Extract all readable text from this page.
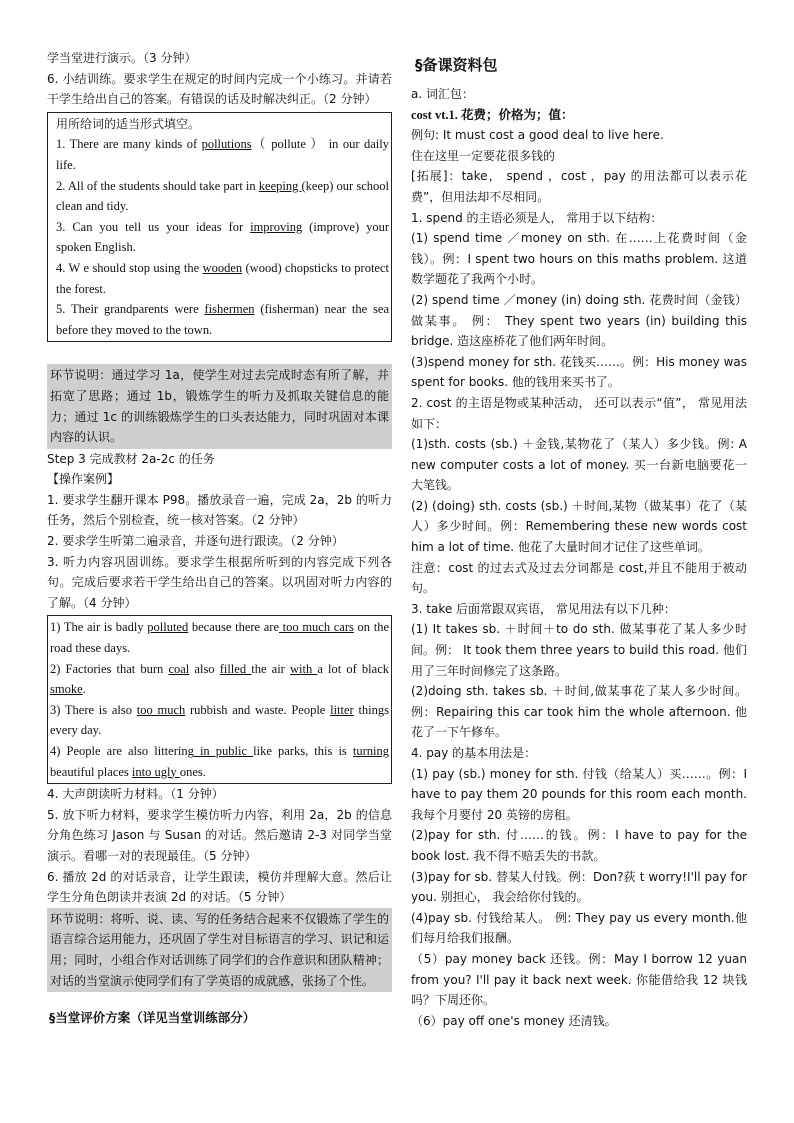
学当堂进行演示。（3 分钟）

6. 小结训练。要求学生在规定的时间内完成一个小练习。并请若干学生给出自己的答案。有错误的话及时解决纠正。（2 分钟）

用所给词的适当形式填空。

1. There are many kinds of pollutions（ pollute ） in our daily life.

2. All of the students should take part in keeping (keep) our school clean and tidy.

3. Can you tell us your ideas for improving (improve) your spoken English.

4. W e should stop using the wooden (wood) chopsticks to protect the forest.

5. Their grandparents were fishermen (fisherman) near the sea before they moved to the town.

环节说明：通过学习 1a，使学生对过去完成时态有所了解，并拓宽了思路；通过 1b，锻炼学生的听力及抓取关键信息的能力；通过 1c 的训练锻炼学生的口头表达能力，同时巩固对本课内容的认识。

Step 3 完成教材 2a-2c 的任务

【操作案例】

1. 要求学生翻开课本 P98。播放录音一遍，完成 2a，2b 的听力任务，然后个别检查，统一核对答案。（2 分钟）

2. 要求学生听第二遍录音，并逐句进行跟读。（2 分钟）

3. 听力内容巩固训练。要求学生根据所听到的内容完成下列各句。完成后要求若干学生给出自己的答案。以巩固对听力内容的了解。（4 分钟）

1) The air is badly polluted because there are too much cars on the road these days.

2) Factories that burn coal also filled the air with a lot of black smoke.

3) There is also too much rubbish and waste. People litter things every day.

4) People are also littering in public like parks, this is turning beautiful places into ugly ones.

4. 大声朗读听力材料。（1 分钟）

5. 放下听力材料，要求学生模仿听力内容，利用 2a，2b 的信息分角色练习 Jason 与 Susan 的对话。然后邀请 2-3 对同学当堂演示。看哪一对的表现最佳。（5 分钟）

6. 播放 2d 的对话录音，让学生跟读，模仿并理解大意。然后让学生分角色朗读并表演 2d 的对话。（5 分钟）

环节说明：将听、说、读、写的任务结合起来不仅锻炼了学生的语言综合运用能力，还巩固了学生对目标语言的学习、识记和运用；同时，小组合作对话训练了同学们的合作意识和团队精神；对话的当堂演示使同学们有了学英语的成就感，张扬了个性。

§当堂评价方案（详见当堂训练部分）

§备课资料包

a. 词汇包：

cost vt.1. 花费；价格为；值：

例句: It must cost a good deal to live here.

住在这里一定要花很多钱的

[拓展]：take， spend ，cost ，pay 的用法都可以表示花费”，但用法却不尽相同。

1. spend 的主语必须是人， 常用于以下结构：

(1) spend time ／money on sth. 在……上花费时间（金钱）。例：I spent two hours on this maths problem. 这道数学题花了我两个小时。

(2) spend time ／money (in) doing sth. 花费时间（金钱）做某事。 例： They spent two years (in) building this bridge. 造这座桥花了他们两年时间。

(3)spend money for sth. 花钱买……。例：His money was spent for books. 他的钱用来买书了。

2. cost 的主语是物或某种活动， 还可以表示“值”， 常见用法如下：

(1)sth. costs (sb.) ＋金钱,某物花了（某人）多少钱。例: A new computer costs a lot of money. 买一台新电脑要花一大笔钱。

(2) (doing) sth. costs (sb.) ＋时间,某物（做某事）花了（某人）多少时间。例：Remembering these new words cost him a lot of time. 他花了大量时间才记住了这些单词。

注意：cost 的过去式及过去分词都是 cost,并且不能用于被动句。

3. take 后面常跟双宾语， 常见用法有以下几种：

(1) It takes sb. ＋时间＋to do sth. 做某事花了某人多少时间。例： It took them three years to build this road. 他们用了三年时间修完了这条路。

(2)doing sth. takes sb. ＋时间,做某事花了某人多少时间。例：Repairing this car took him the whole afternoon. 他花了一下午修车。

4. pay 的基本用法是：

(1) pay (sb.) money for sth. 付钱（给某人）买……。例：I have to pay them 20 pounds for this room each month. 我每个月要付 20 英镑的房租。

(2)pay for sth. 付……的钱。例：I have to pay for the book lost. 我不得不赔丢失的书款。

(3)pay for sb. 替某人付钱。例：Don?荻 t worry!I'll pay for you. 别担心， 我会给你付钱的。

(4)pay sb. 付钱给某人。 例: They pay us every month.他们每月给我们报酬。

（5）pay money back 还钱。例：May I borrow 12 yuan from you? I'll pay it back next week. 你能借给我 12 块钱吗？下周还你。

（6）pay off one's money 还清钱。
